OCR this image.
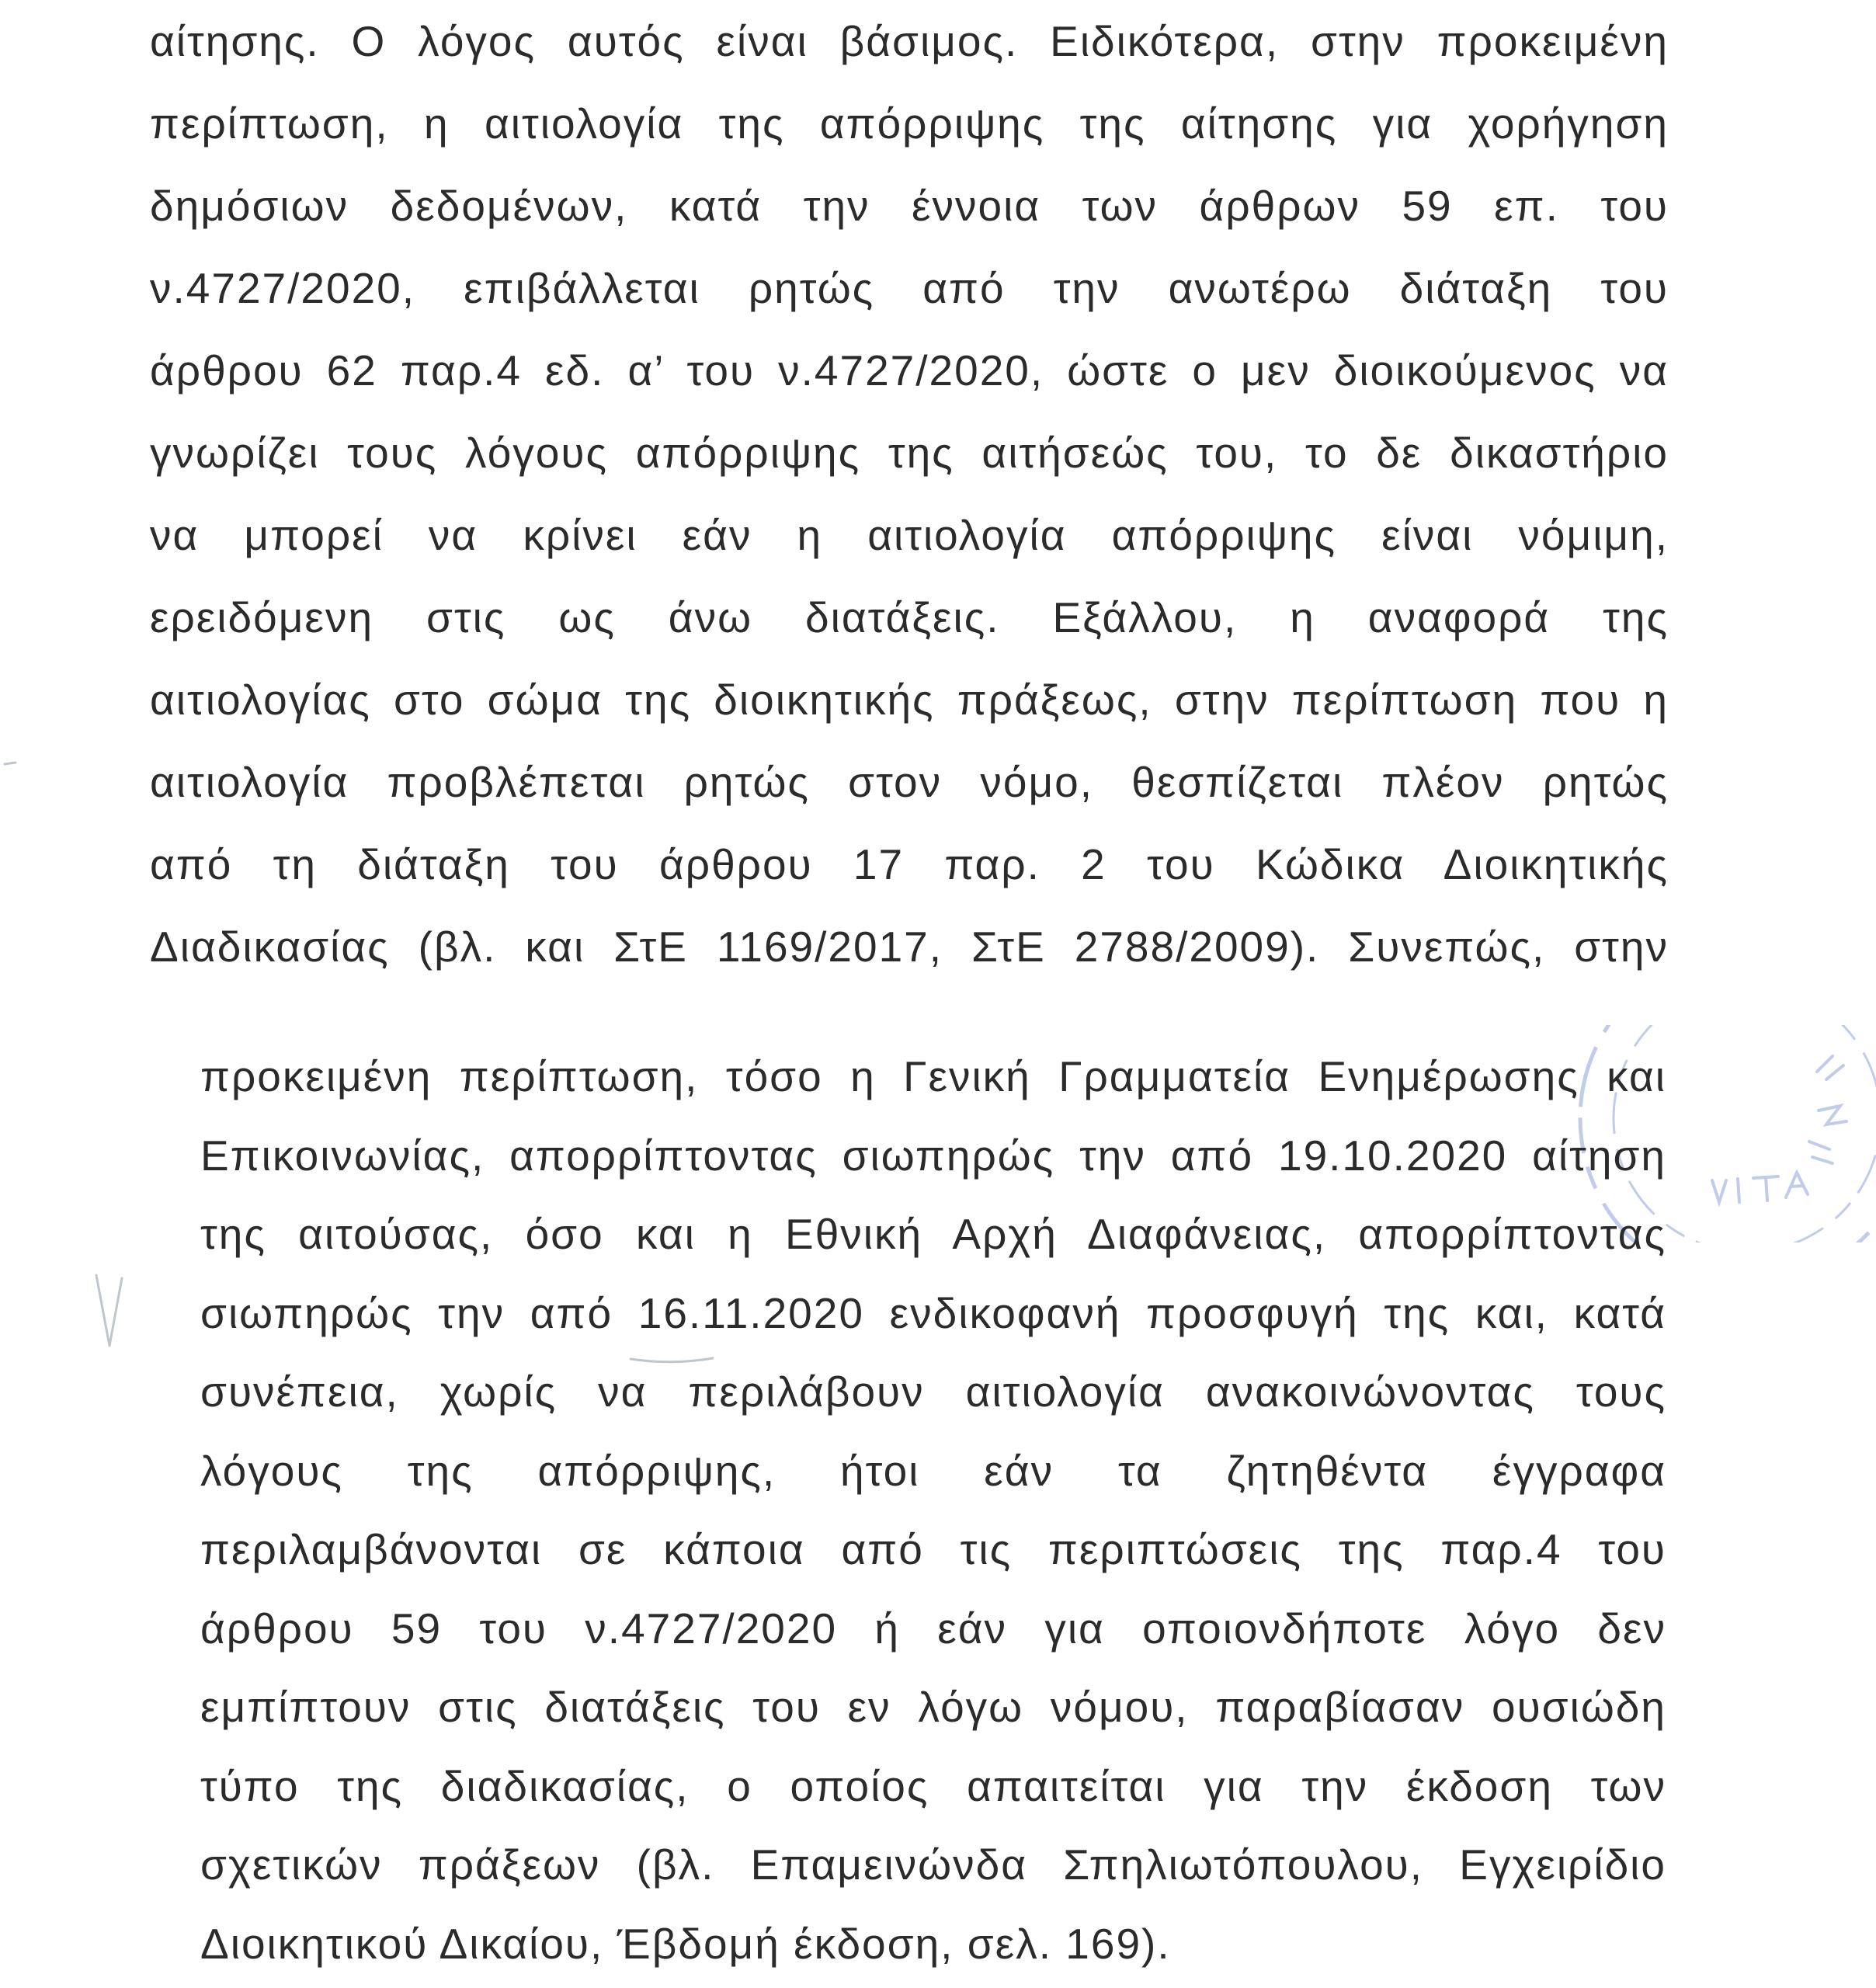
αίτησης. Ο λόγος αυτός είναι βάσιμος. Ειδικότερα, στην προκειμένη
περίπτωση, η αιτιολογία της απόρριψης της αίτησης για χορήγηση
δημόσιων δεδομένων, κατά την έννοια των άρθρων 59 επ. του
ν.4727/2020, επιβάλλεται ρητώς από την ανωτέρω διάταξη του
άρθρου 62 παρ.4 εδ. α’ του ν.4727/2020, ώστε ο μεν διοικούμενος να
γνωρίζει τους λόγους απόρριψης της αιτήσεώς του, το δε δικαστήριο
να μπορεί να κρίνει εάν η αιτιολογία απόρριψης είναι νόμιμη,
ερειδόμενη στις ως άνω διατάξεις. Εξάλλου, η αναφορά της
αιτιολογίας στο σώμα της διοικητικής πράξεως, στην περίπτωση που η
αιτιολογία προβλέπεται ρητώς στον νόμο, θεσπίζεται πλέον ρητώς
από τη διάταξη του άρθρου 17 παρ. 2 του Κώδικα Διοικητικής
Διαδικασίας (βλ. και ΣτΕ 1169/2017, ΣτΕ 2788/2009). Συνεπώς, στην
προκειμένη περίπτωση, τόσο η Γενική Γραμματεία Ενημέρωσης και
Επικοινωνίας, απορρίπτοντας σιωπηρώς την από 19.10.2020 αίτηση
της αιτούσας, όσο και η Εθνική Αρχή Διαφάνειας, απορρίπτοντας
σιωπηρώς την από 16.11.2020 ενδικοφανή προσφυγή της και, κατά
συνέπεια, χωρίς να περιλάβουν αιτιολογία ανακοινώνοντας τους
λόγους της απόρριψης, ήτοι εάν τα ζητηθέντα έγγραφα
περιλαμβάνονται σε κάποια από τις περιπτώσεις της παρ.4 του
άρθρου 59 του ν.4727/2020 ή εάν για οποιονδήποτε λόγο δεν
εμπίπτουν στις διατάξεις του εν λόγω νόμου, παραβίασαν ουσιώδη
τύπο της διαδικασίας, ο οποίος απαιτείται για την έκδοση των
σχετικών πράξεων (βλ. Επαμεινώνδα Σπηλιωτόπουλου, Εγχειρίδιο
Διοικητικού Δικαίου, Έβδομή έκδοση, σελ. 169).
